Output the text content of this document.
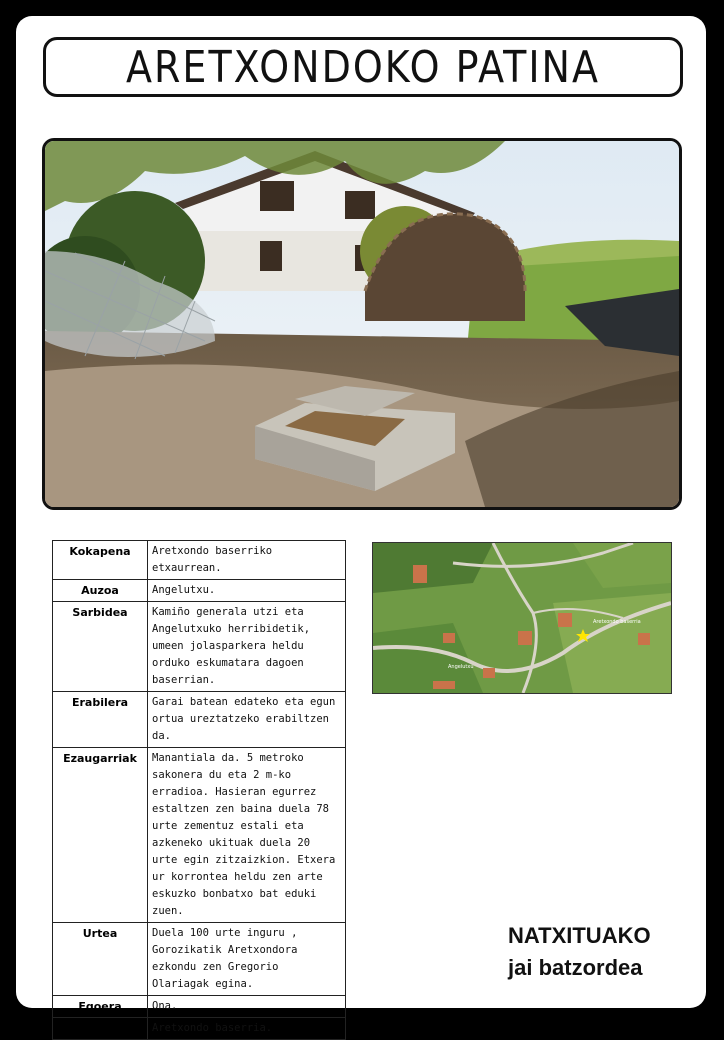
ARETXONDOKO PATINA
Kokapena	Aretxondo baserriko etxaurrean.
Auzoa	Angelutxu.
Sarbidea	Kamiño generala utzi eta Angelutxuko herribidetik, umeen jolasparkera heldu orduko eskumatara dagoen baserrian.
Erabilera	Garai batean edateko eta egun ortua ureztatzeko erabiltzen da.
Ezaugarriak	Manantiala da. 5 metroko sakonera du eta 2 m-ko erradioa. Hasieran egurrez estaltzen zen baina duela 78 urte zementuz estali eta azkeneko ukituak duela 20 urte egin zitzaizkion. Etxera ur korrontea heldu zen arte eskuzko bonbatxo bat eduki zuen.
Urtea	Duela 100 urte inguru , Gorozikatik Aretxondora ezkondu zen Gregorio Olariagak egina.
Egoera	Ona.
Jabetza	Aretxondo baserria.
Aretxondo baserria
Angelutxu
NATXITUAKO
jai batzordea
